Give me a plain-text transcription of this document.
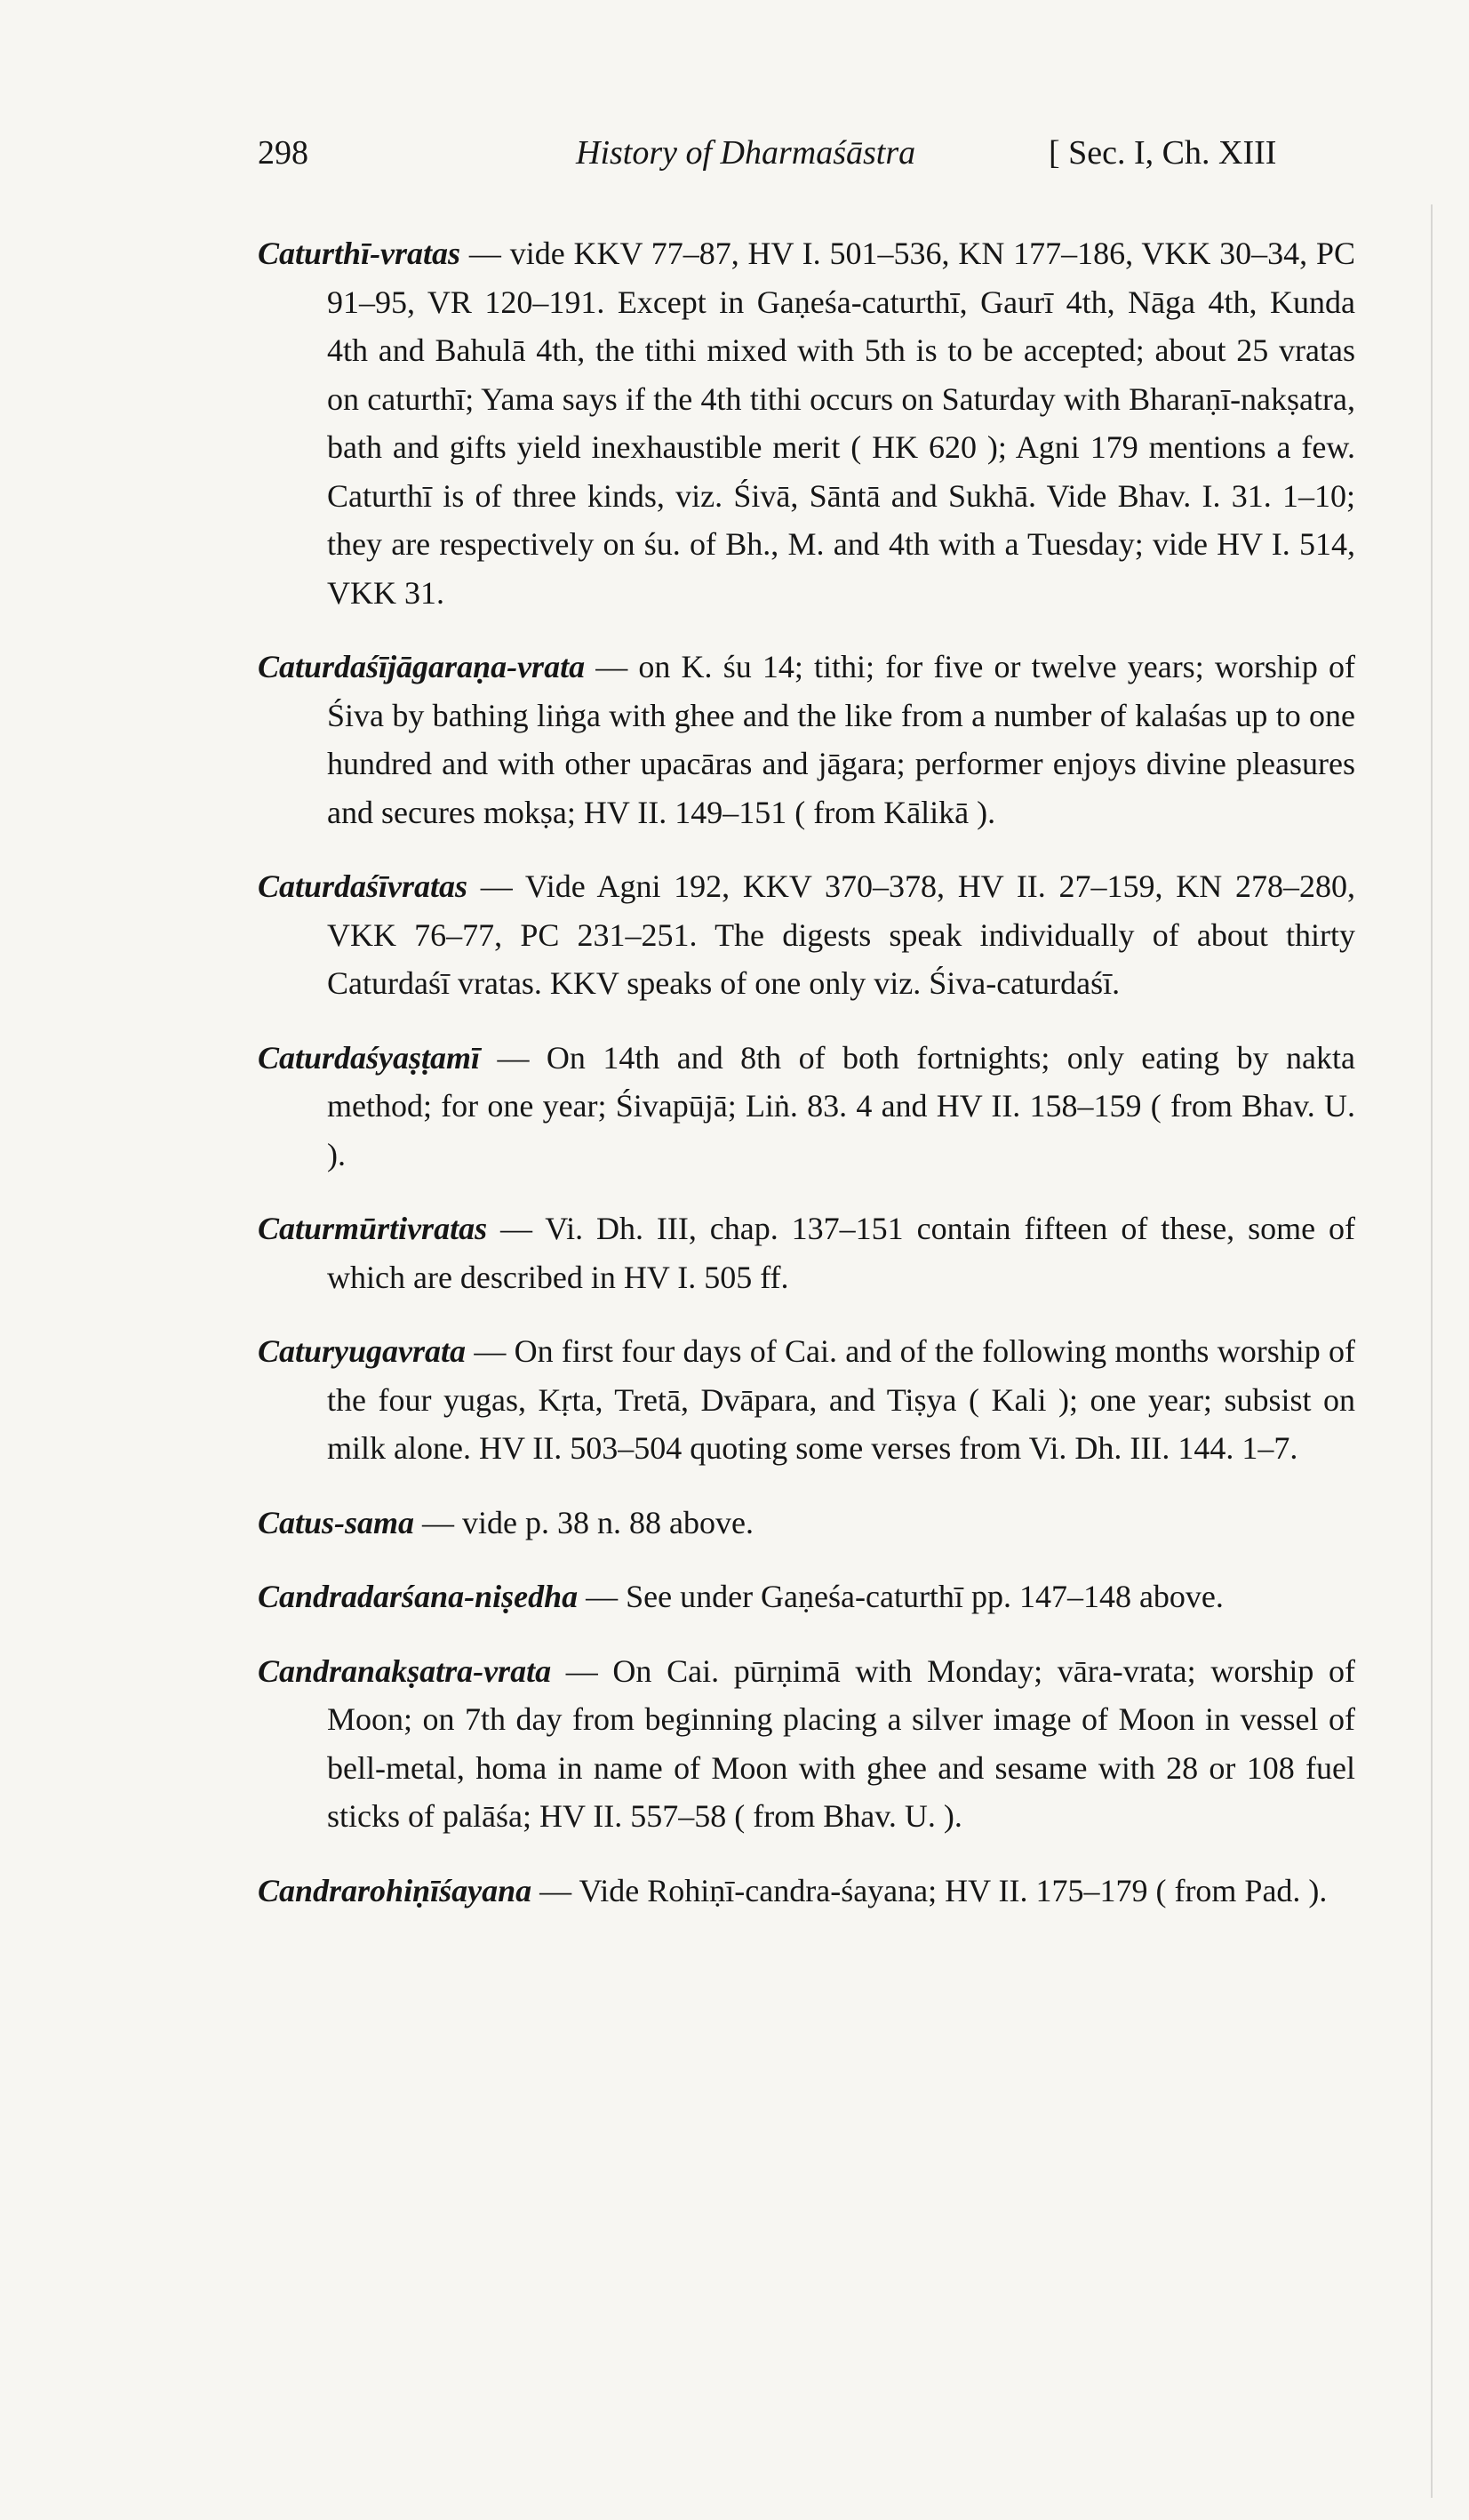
298	History of Dharmaśāstra	[ Sec. I, Ch. XIII

Caturthī-vratas — vide KKV 77–87, HV I. 501–536, KN 177–186, VKK 30–34, PC 91–95, VR 120–191. Except in Gaṇeśa-caturthī, Gaurī 4th, Nāga 4th, Kunda 4th and Bahulā 4th, the tithi mixed with 5th is to be accepted; about 25 vratas on caturthī; Yama says if the 4th tithi occurs on Saturday with Bharaṇī-nakṣatra, bath and gifts yield inexhaustible merit ( HK 620 ); Agni 179 mentions a few. Caturthī is of three kinds, viz. Śivā, Sāntā and Sukhā. Vide Bhav. I. 31. 1–10; they are respectively on śu. of Bh., M. and 4th with a Tuesday; vide HV I. 514, VKK 31.

Caturdaśījāgaraṇa-vrata — on K. śu 14; tithi; for five or twelve years; worship of Śiva by bathing liṅga with ghee and the like from a number of kalaśas up to one hundred and with other upacāras and jāgara; performer enjoys divine pleasures and secures mokṣa; HV II. 149–151 ( from Kālikā ).

Caturdaśīvratas — Vide Agni 192, KKV 370–378, HV II. 27–159, KN 278–280, VKK 76–77, PC 231–251. The digests speak individually of about thirty Caturdaśī vratas. KKV speaks of one only viz. Śiva-caturdaśī.

Caturdaśyaṣṭamī — On 14th and 8th of both fortnights; only eating by nakta method; for one year; Śivapūjā; Liṅ. 83. 4 and HV II. 158–159 ( from Bhav. U. ).

Caturmūrtivratas — Vi. Dh. III, chap. 137–151 contain fifteen of these, some of which are described in HV I. 505 ff.

Caturyugavrata — On first four days of Cai. and of the following months worship of the four yugas, Kṛta, Tretā, Dvāpara, and Tiṣya ( Kali ); one year; subsist on milk alone. HV II. 503–504 quoting some verses from Vi. Dh. III. 144. 1–7.

Catus-sama — vide p. 38 n. 88 above.

Candradarśana-niṣedha — See under Gaṇeśa-caturthī pp. 147–148 above.

Candranakṣatra-vrata — On Cai. pūrṇimā with Monday; vāra-vrata; worship of Moon; on 7th day from beginning placing a silver image of Moon in vessel of bell-metal, homa in name of Moon with ghee and sesame with 28 or 108 fuel sticks of palāśa; HV II. 557–58 ( from Bhav. U. ).

Candrarohiṇīśayana — Vide Rohiṇī-candra-śayana; HV II. 175–179 ( from Pad. ).
